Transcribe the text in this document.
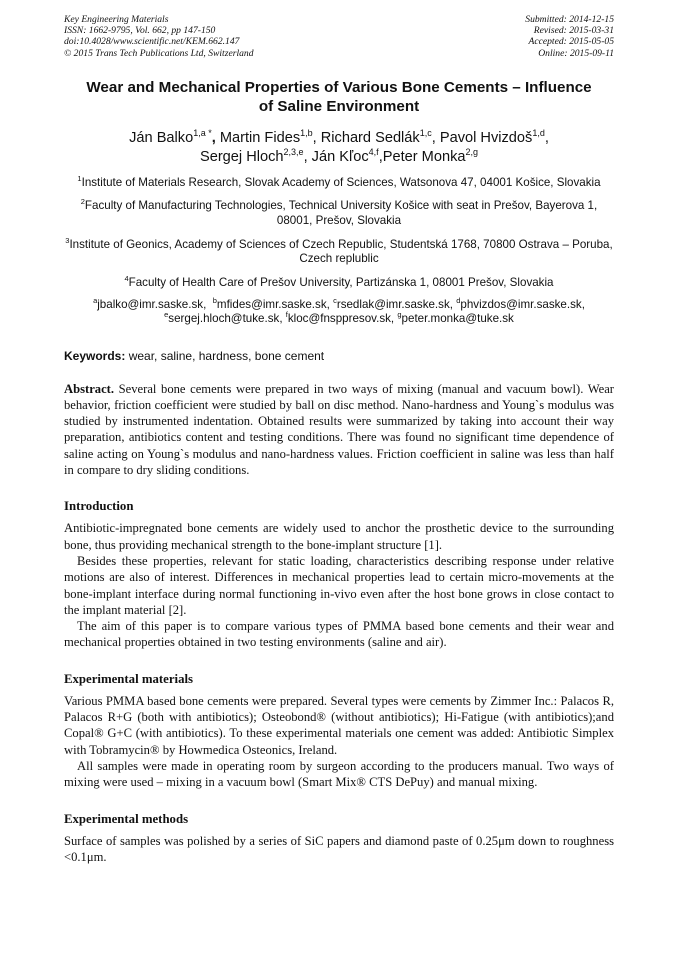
Key Engineering Materials
ISSN: 1662-9795, Vol. 662, pp 147-150
doi:10.4028/www.scientific.net/KEM.662.147
© 2015 Trans Tech Publications Ltd, Switzerland
Submitted: 2014-12-15
Revised: 2015-03-31
Accepted: 2015-05-05
Online: 2015-09-11
Wear and Mechanical Properties of Various Bone Cements – Influence
of Saline Environment
Ján Balko$^{1,a *}$, Martin Fides$^{1,b}$, Richard Sedlák$^{1,c}$, Pavol Hvizdoš$^{1,d}$,
Sergej Hloch$^{2,3,e}$, Ján Kľoc$^{4,f}$,Peter Monka$^{2,g}$
$^1$Institute of Materials Research, Slovak Academy of Sciences, Watsonova 47, 04001 Košice, Slovakia
$^2$Faculty of Manufacturing Technologies, Technical University Košice with seat in Prešov, Bayerova 1, 08001, Prešov, Slovakia
$^3$Institute of Geonics, Academy of Sciences of Czech Republic, Studentská 1768, 70800 Ostrava – Poruba, Czech replublic
$^4$Faculty of Health Care of Prešov University, Partizánska 1, 08001 Prešov, Slovakia
$^a$jbalko@imr.saske.sk,  $^b$mfides@imr.saske.sk, $^c$rsedlak@imr.saske.sk, $^d$phvizdos@imr.saske.sk,
$^e$sergej.hloch@tuke.sk, $^f$kloc@fnsppresov.sk, $^g$peter.monka@tuke.sk
Keywords: wear, saline, hardness, bone cement
Abstract. Several bone cements were prepared in two ways of mixing (manual and vacuum bowl). Wear behavior, friction coefficient were studied by ball on disc method. Nano-hardness and Young`s modulus was studied by instrumented indentation. Obtained results were summarized by taking into account their way preparation, antibiotics content and testing conditions. There was found no significant time dependence of saline acting on Young`s modulus and nano-hardness values. Friction coefficient in saline was less than half in compare to dry sliding conditions.
Introduction

Antibiotic-impregnated bone cements are widely used to anchor the prosthetic device to the surrounding bone, thus providing mechanical strength to the bone-implant structure [1].

Besides these properties, relevant for static loading, characteristics describing response under relative motions are also of interest. Differences in mechanical properties lead to certain micro-movements at the bone-implant interface during normal functioning in-vivo even after the host bone grows in close contact to the implant material [2].

The aim of this paper is to compare various types of PMMA based bone cements and their wear and mechanical properties obtained in two testing environments (saline and air).

Experimental materials

Various PMMA based bone cements were prepared. Several types were cements by Zimmer Inc.: Palacos R, Palacos R+G (both with antibiotics); Osteobond® (without antibiotics); Hi-Fatigue (with antibiotics);and Copal® G+C (with antibiotics). To these experimental materials one cement was added: Antibiotic Simplex with Tobramycin® by Howmedica Osteonics, Ireland.

All samples were made in operating room by surgeon according to the producers manual. Two ways of mixing were used – mixing in a vacuum bowl (Smart Mix® CTS DePuy) and manual mixing.

Experimental methods

Surface of samples was polished by a series of SiC papers and diamond paste of 0.25μm down to roughness <0.1μm.
